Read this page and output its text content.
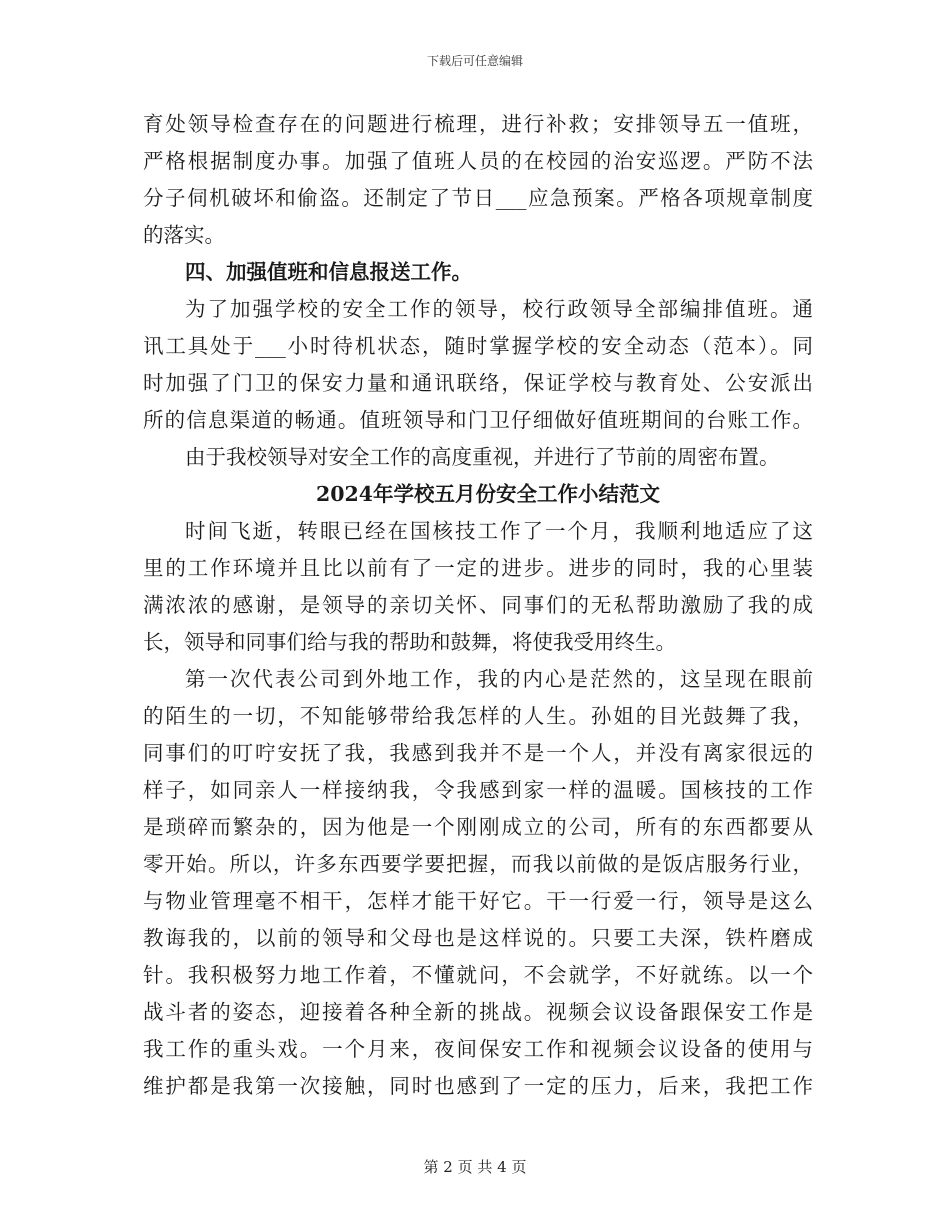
下载后可任意编辑
育处领导检查存在的问题进行梳理，进行补救；安排领导五一值班，
严格根据制度办事。加强了值班人员的在校园的治安巡逻。严防不法
分子伺机破坏和偷盗。还制定了节日___应急预案。严格各项规章制度
的落实。
四、加强值班和信息报送工作。
为了加强学校的安全工作的领导，校行政领导全部编排值班。通
讯工具处于___小时待机状态，随时掌握学校的安全动态（范本）。同
时加强了门卫的保安力量和通讯联络，保证学校与教育处、公安派出
所的信息渠道的畅通。值班领导和门卫仔细做好值班期间的台账工作。
由于我校领导对安全工作的高度重视，并进行了节前的周密布置。
2024年学校五月份安全工作小结范文
时间飞逝，转眼已经在国核技工作了一个月，我顺利地适应了这
里的工作环境并且比以前有了一定的进步。进步的同时，我的心里装
满浓浓的感谢，是领导的亲切关怀、同事们的无私帮助激励了我的成
长，领导和同事们给与我的帮助和鼓舞，将使我受用终生。
第一次代表公司到外地工作，我的内心是茫然的，这呈现在眼前
的陌生的一切，不知能够带给我怎样的人生。孙姐的目光鼓舞了我，
同事们的叮咛安抚了我，我感到我并不是一个人，并没有离家很远的
样子，如同亲人一样接纳我，令我感到家一样的温暖。国核技的工作
是琐碎而繁杂的，因为他是一个刚刚成立的公司，所有的东西都要从
零开始。所以，许多东西要学要把握，而我以前做的是饭店服务行业，
与物业管理毫不相干，怎样才能干好它。干一行爱一行，领导是这么
教诲我的，以前的领导和父母也是这样说的。只要工夫深，铁杵磨成
针。我积极努力地工作着，不懂就问，不会就学，不好就练。以一个
战斗者的姿态，迎接着各种全新的挑战。视频会议设备跟保安工作是
我工作的重头戏。一个月来，夜间保安工作和视频会议设备的使用与
维护都是我第一次接触，同时也感到了一定的压力，后来，我把工作
第 2 页 共 4 页
